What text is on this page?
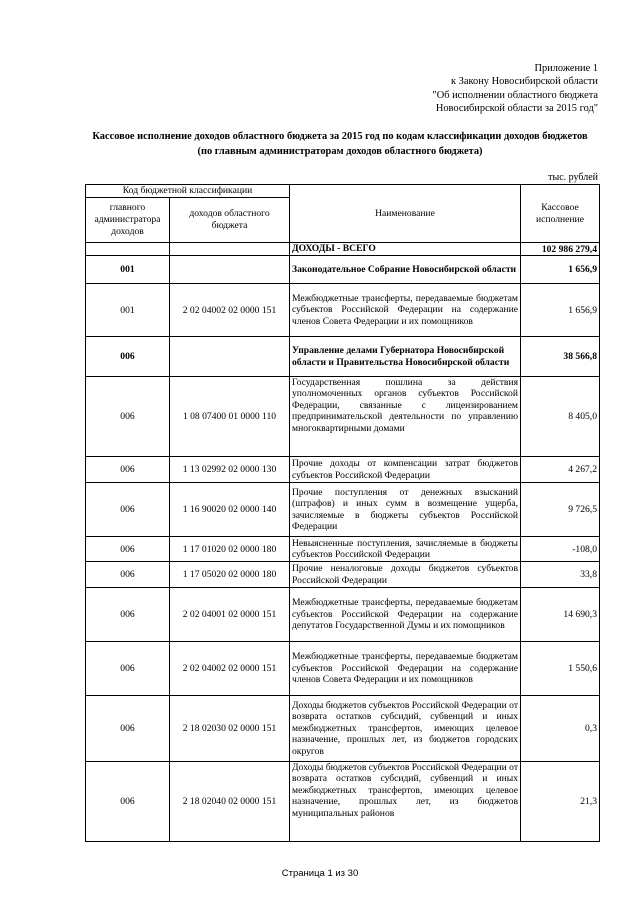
Приложение 1
к Закону Новосибирской области
"Об исполнении областного бюджета
Новосибирской области за 2015 год"
Кассовое исполнение доходов областного бюджета за 2015 год по кодам классификации доходов бюджетов
(по главным администраторам доходов областного бюджета)
тыс. рублей
Код бюджетной классификации		Наименование	Кассовое исполнение
главного администратора доходов	доходов областного бюджета		
		ДОХОДЫ - ВСЕГО	102 986 279,4
001		Законодательное Собрание Новосибирской области	1 656,9
001	2 02 04002 02 0000 151	Межбюджетные трансферты, передаваемые бюджетам субъектов Российской Федерации на содержание членов Совета Федерации и их помощников	1 656,9
006		Управление делами Губернатора Новосибирской области и Правительства Новосибирской области	38 566,8
006	1 08 07400 01 0000 110	Государственная пошлина за действия уполномоченных органов субъектов Российской Федерации, связанные с лицензированием предпринимательской деятельности по управлению многоквартирными домами	8 405,0
006	1 13 02992 02 0000 130	Прочие доходы от компенсации затрат бюджетов субъектов Российской Федерации	4 267,2
006	1 16 90020 02 0000 140	Прочие поступления от денежных взысканий (штрафов) и иных сумм в возмещение ущерба, зачисляемые в бюджеты субъектов Российской Федерации	9 726,5
006	1 17 01020 02 0000 180	Невыясненные поступления, зачисляемые в бюджеты субъектов Российской Федерации	-108,0
006	1 17 05020 02 0000 180	Прочие неналоговые доходы бюджетов субъектов Российской Федерации	33,8
006	2 02 04001 02 0000 151	Межбюджетные трансферты, передаваемые бюджетам субъектов Российской Федерации на содержание депутатов Государственной Думы и их помощников	14 690,3
006	2 02 04002 02 0000 151	Межбюджетные трансферты, передаваемые бюджетам субъектов Российской Федерации на содержание членов Совета Федерации и их помощников	1 550,6
006	2 18 02030 02 0000 151	Доходы бюджетов субъектов Российской Федерации от возврата остатков субсидий, субвенций и иных межбюджетных трансфертов, имеющих целевое назначение, прошлых лет, из бюджетов городских округов	0,3
006	2 18 02040 02 0000 151	Доходы бюджетов субъектов Российской Федерации от возврата остатков субсидий, субвенций и иных межбюджетных трансфертов, имеющих целевое назначение, прошлых лет, из бюджетов муниципальных районов	21,3
Страница 1 из 30
